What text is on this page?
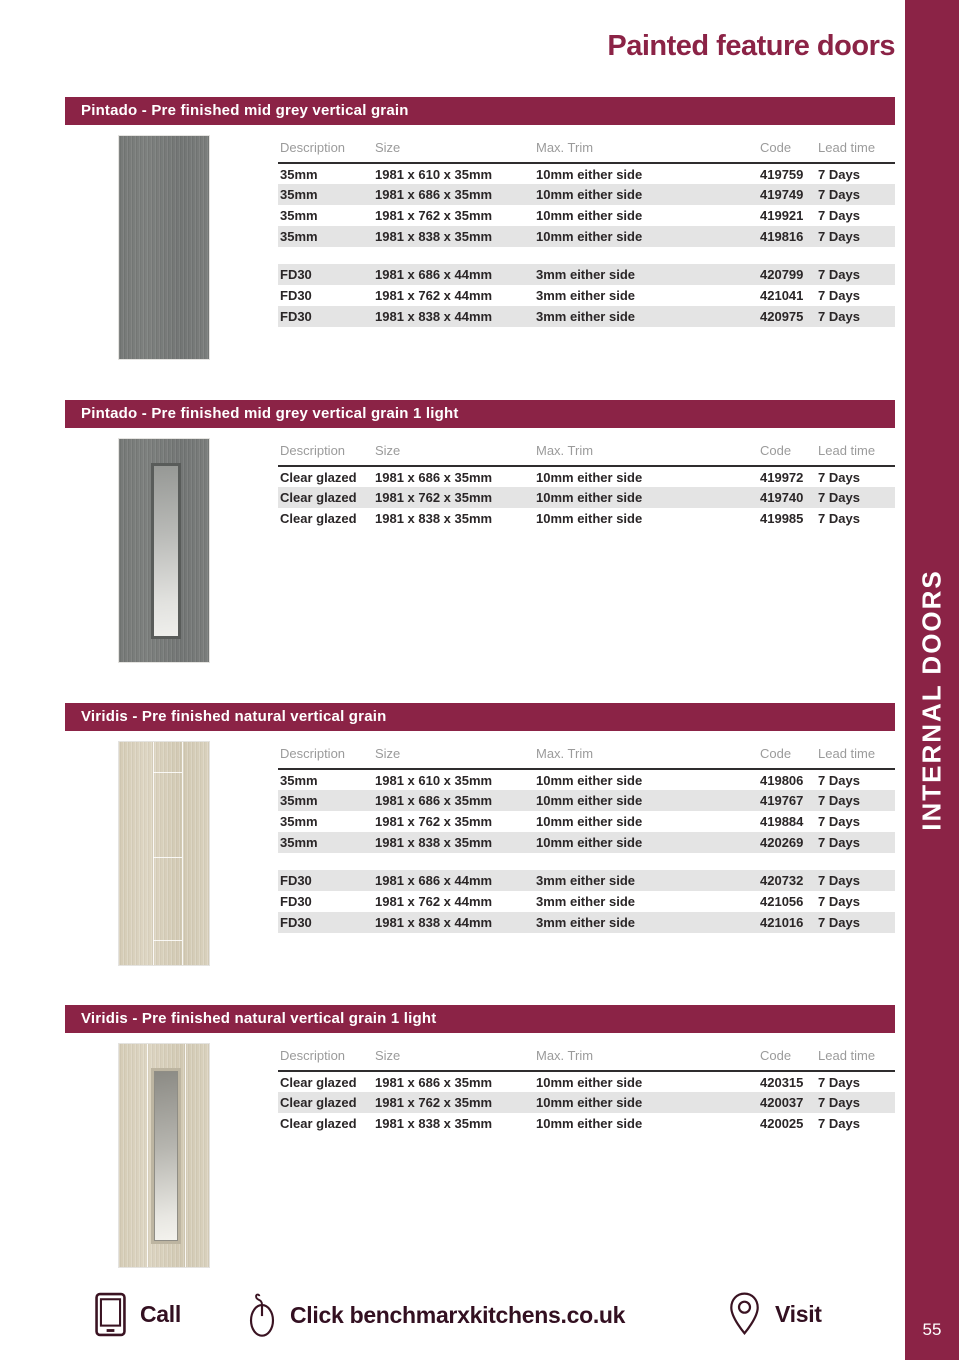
Painted feature doors
Pintado - Pre finished mid grey vertical grain
Description	Size	Max. Trim	Code	Lead time
35mm	1981 x 610 x 35mm	10mm either side	419759	7 Days
35mm	1981 x 686 x 35mm	10mm either side	419749	7 Days
35mm	1981 x 762 x 35mm	10mm either side	419921	7 Days
35mm	1981 x 838 x 35mm	10mm either side	419816	7 Days

FD30	1981 x 686 x 44mm	3mm either side	420799	7 Days
FD30	1981 x 762 x 44mm	3mm either side	421041	7 Days
FD30	1981 x 838 x 44mm	3mm either side	420975	7 Days
Pintado - Pre finished mid grey vertical grain 1 light
Description	Size	Max. Trim	Code	Lead time
Clear glazed	1981 x 686 x 35mm	10mm either side	419972	7 Days
Clear glazed	1981 x 762 x 35mm	10mm either side	419740	7 Days
Clear glazed	1981 x 838 x 35mm	10mm either side	419985	7 Days
Viridis - Pre finished natural vertical grain
Description	Size	Max. Trim	Code	Lead time
35mm	1981 x 610 x 35mm	10mm either side	419806	7 Days
35mm	1981 x 686 x 35mm	10mm either side	419767	7 Days
35mm	1981 x 762 x 35mm	10mm either side	419884	7 Days
35mm	1981 x 838 x 35mm	10mm either side	420269	7 Days

FD30	1981 x 686 x 44mm	3mm either side	420732	7 Days
FD30	1981 x 762 x 44mm	3mm either side	421056	7 Days
FD30	1981 x 838 x 44mm	3mm either side	421016	7 Days
Viridis - Pre finished natural vertical grain 1 light
Description	Size	Max. Trim	Code	Lead time
Clear glazed	1981 x 686 x 35mm	10mm either side	420315	7 Days
Clear glazed	1981 x 762 x 35mm	10mm either side	420037	7 Days
Clear glazed	1981 x 838 x 35mm	10mm either side	420025	7 Days
Call	Click benchmarxkitchens.co.uk	Visit
INTERNAL DOORS
55
